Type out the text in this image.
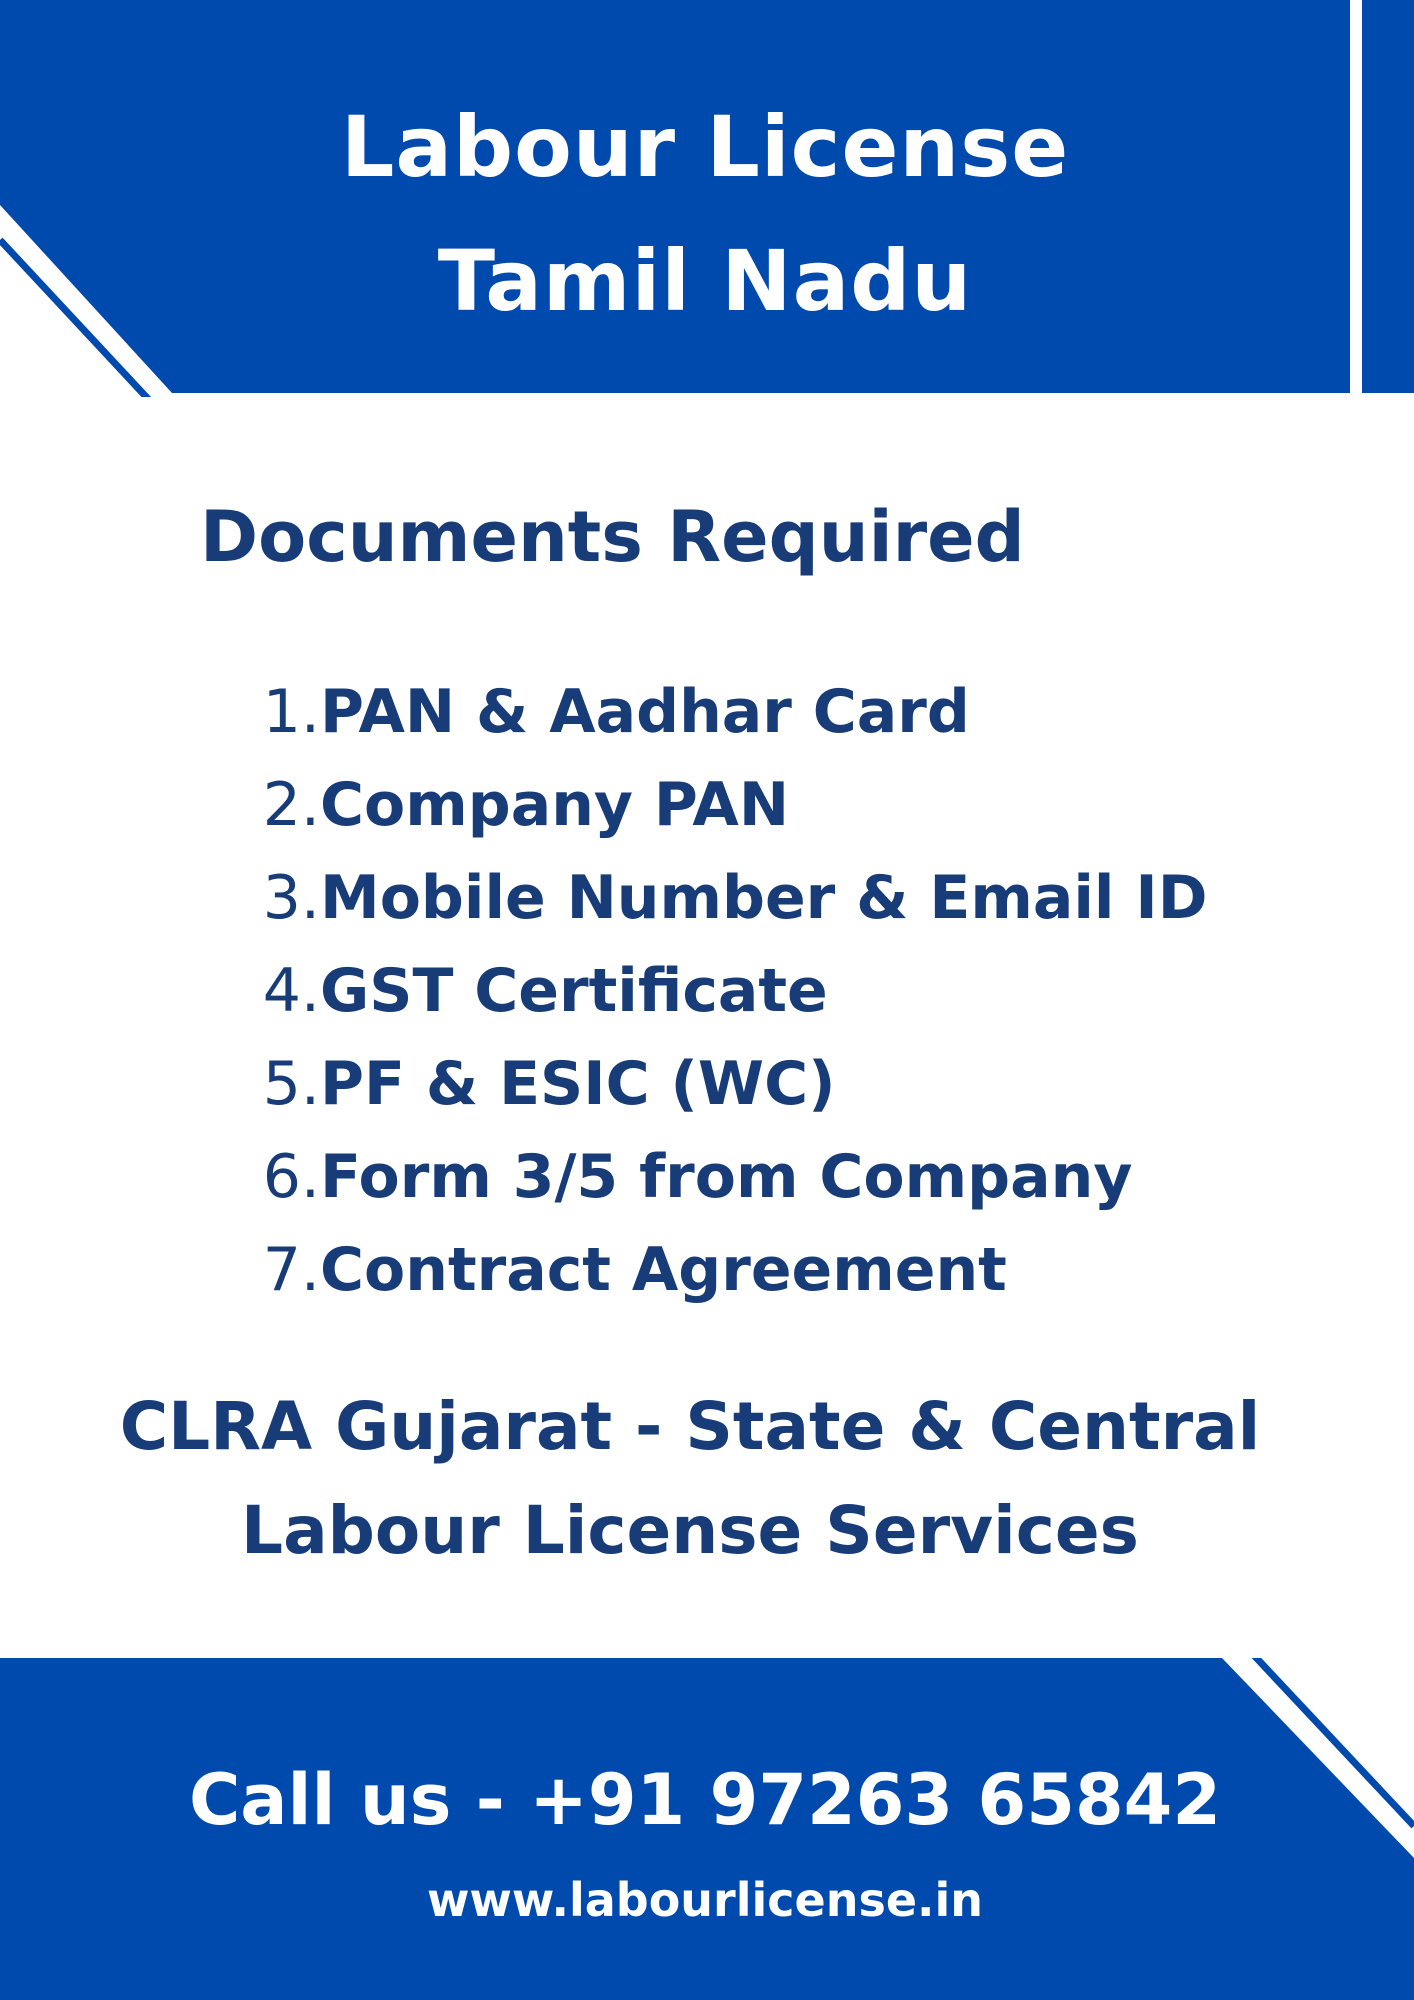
Labour License
Tamil Nadu
Documents Required
1. PAN & Aadhar Card
2. Company PAN
3. Mobile Number & Email ID
4. GST Certificate
5. PF & ESIC (WC)
6. Form 3/5 from Company
7. Contract Agreement
CLRA Gujarat - State & Central
Labour License Services
Call us - +91 97263 65842
www.labourlicense.in
